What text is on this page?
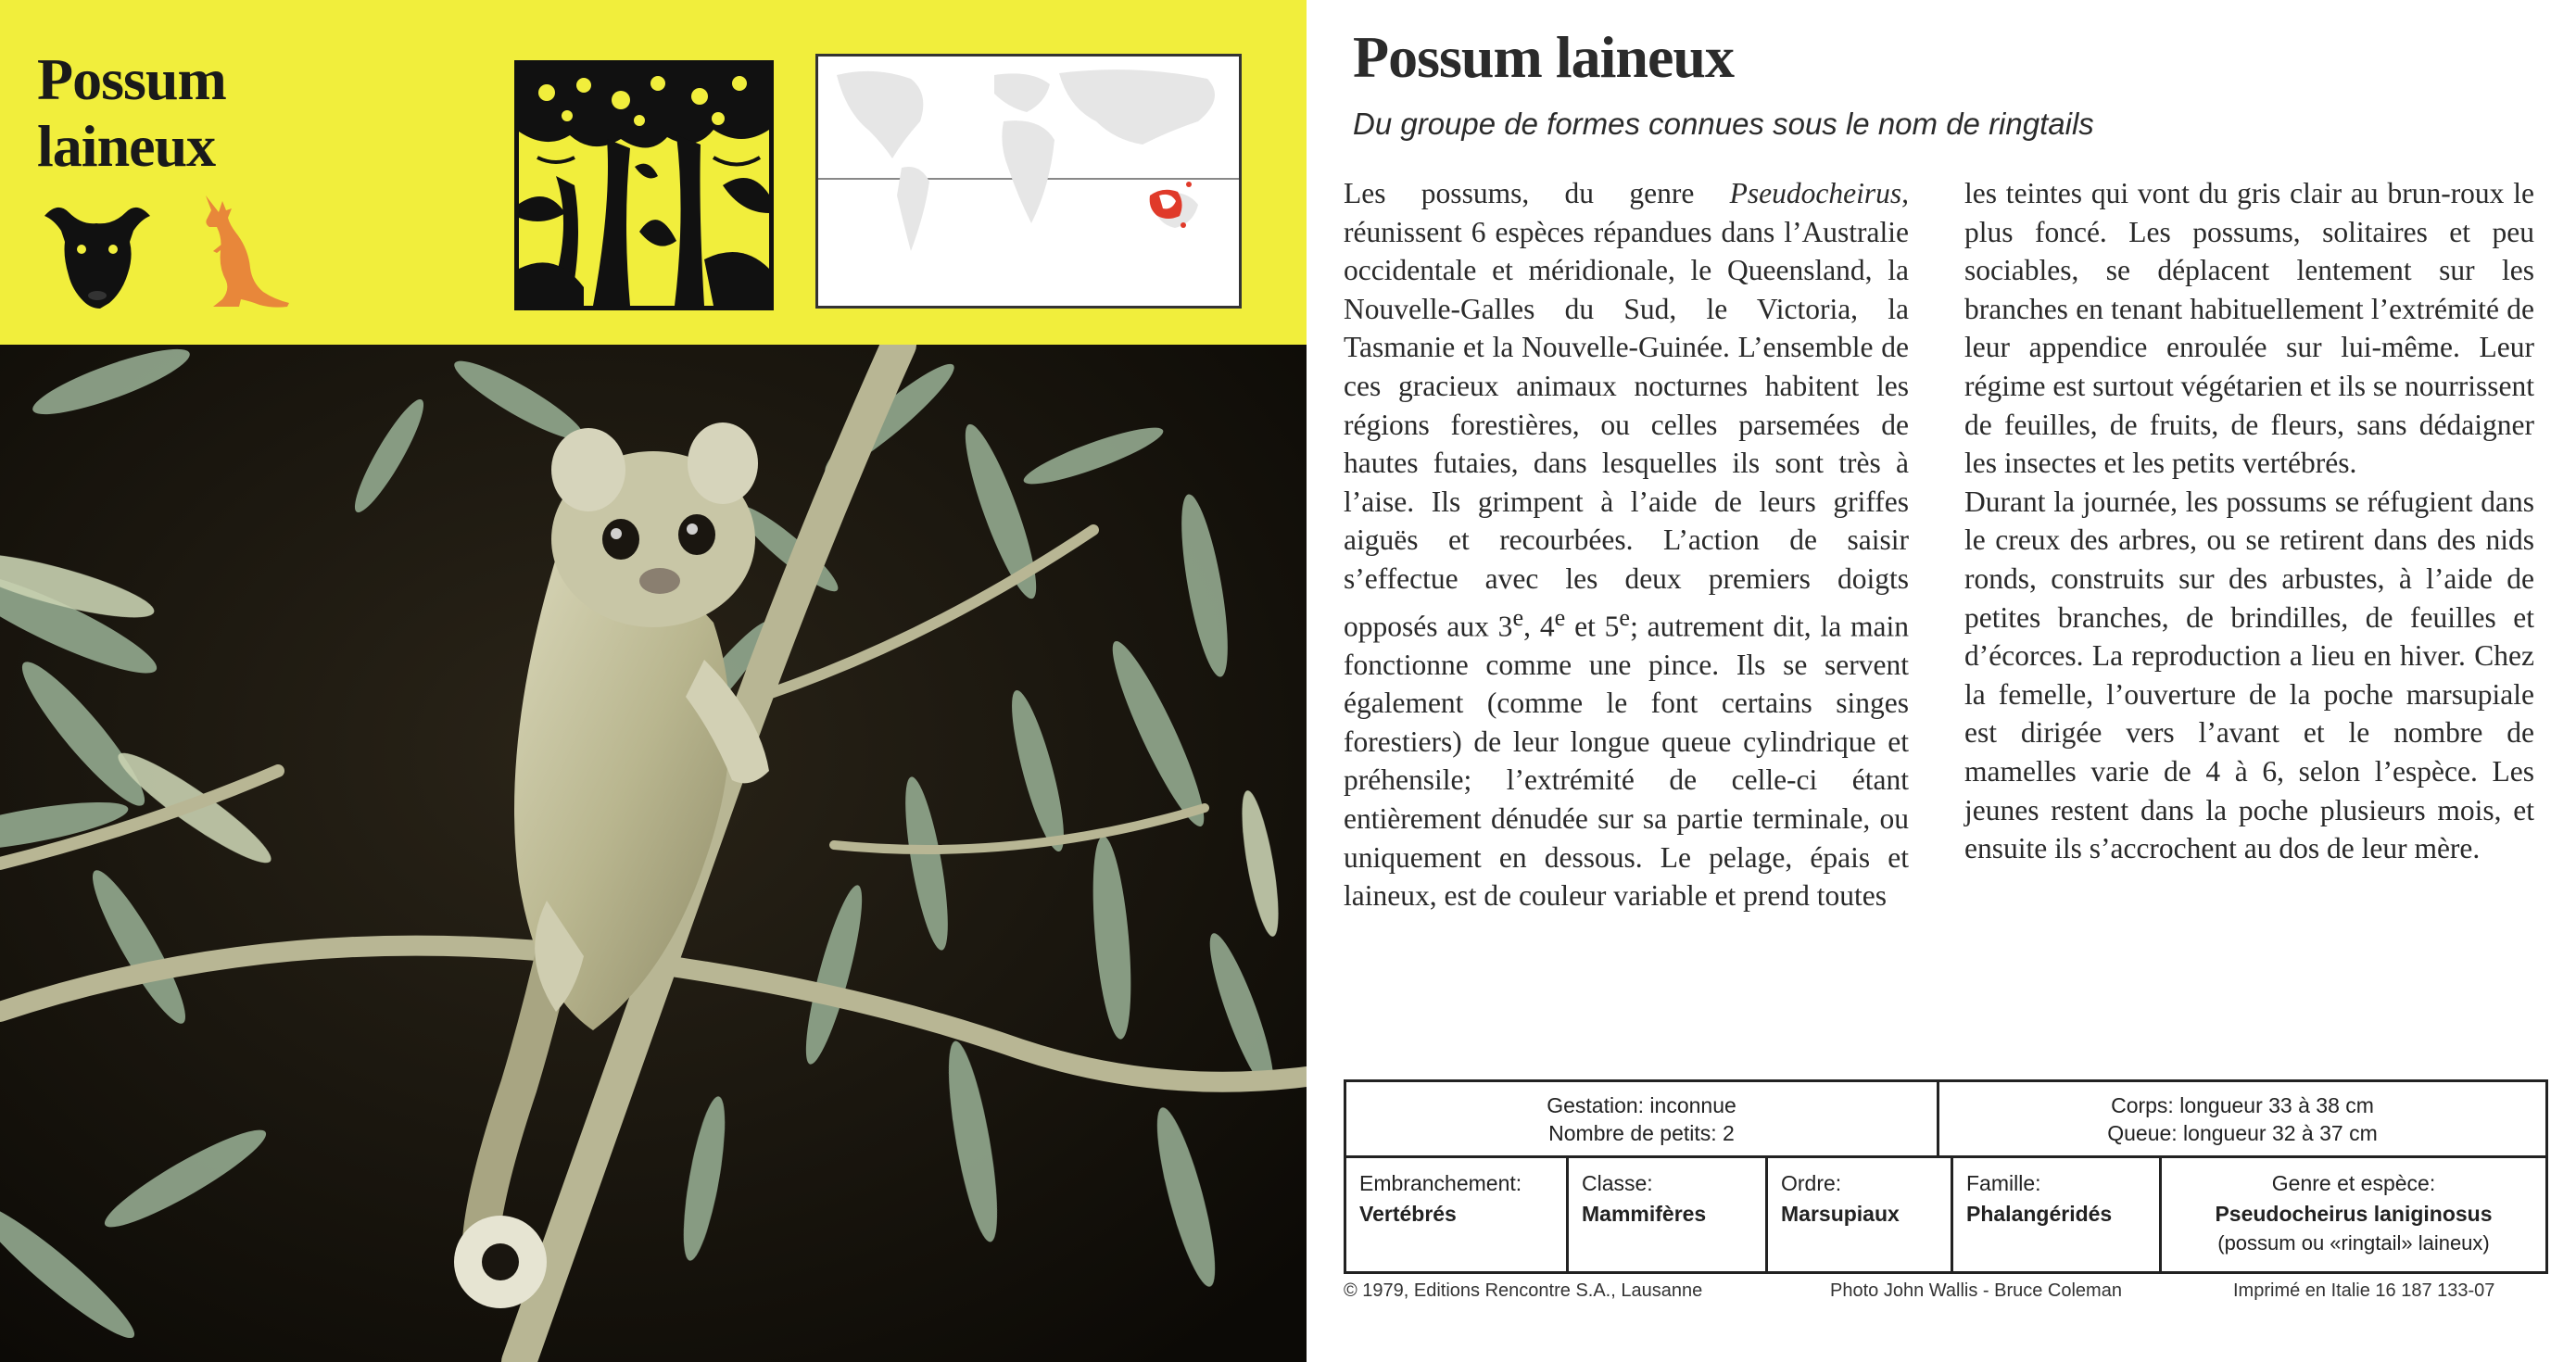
Possum
laineux
Possum laineux
Du groupe de formes connues sous le nom de ringtails

Les possums, du genre Pseudocheirus, réunissent 6 espèces répandues dans l’Australie occidentale et méridionale, le Queensland, la Nouvelle-Galles du Sud, le Victoria, la Tasmanie et la Nouvelle-Guinée. L’ensemble de ces gracieux animaux nocturnes habitent les régions forestières, ou celles parsemées de hautes futaies, dans lesquelles ils sont très à l’aise. Ils grimpent à l’aide de leurs griffes aiguës et recourbées. L’action de saisir s’effectue avec les deux premiers doigts opposés aux 3e, 4e et 5e; autrement dit, la main fonctionne comme une pince. Ils se servent également (comme le font certains singes forestiers) de leur longue queue cylindrique et préhensile; l’extrémité de celle-ci étant entièrement dénudée sur sa partie terminale, ou uniquement en dessous. Le pelage, épais et laineux, est de couleur variable et prend toutes

les teintes qui vont du gris clair au brun-roux le plus foncé. Les possums, solitaires et peu sociables, se déplacent lentement sur les branches en tenant habituellement l’extrémité de leur appendice enroulée sur lui-même. Leur régime est surtout végétarien et ils se nourrissent de feuilles, de fruits, de fleurs, sans dédaigner les insectes et les petits vertébrés.

Durant la journée, les possums se réfugient dans le creux des arbres, ou se retirent dans des nids ronds, construits sur des arbustes, à l’aide de petites branches, de brindilles, de feuilles et d’écorces. La reproduction a lieu en hiver. Chez la femelle, l’ouverture de la poche marsupiale est dirigée vers l’avant et le nombre de mamelles varie de 4 à 6, selon l’espèce. Les jeunes restent dans la poche plusieurs mois, et ensuite ils s’accrochent au dos de leur mère.

Gestation: inconnue
Nombre de petits: 2
Corps: longueur 33 à 38 cm
Queue: longueur 32 à 37 cm
Embranchement:
Vertébrés
Classe:
Mammifères
Ordre:
Marsupiaux
Famille:
Phalangéridés
Genre et espèce:
Pseudocheirus laniginosus
(possum ou «ringtail» laineux)
© 1979, Editions Rencontre S.A., Lausanne	Photo John Wallis - Bruce Coleman	Imprimé en Italie 16 187 133-07
